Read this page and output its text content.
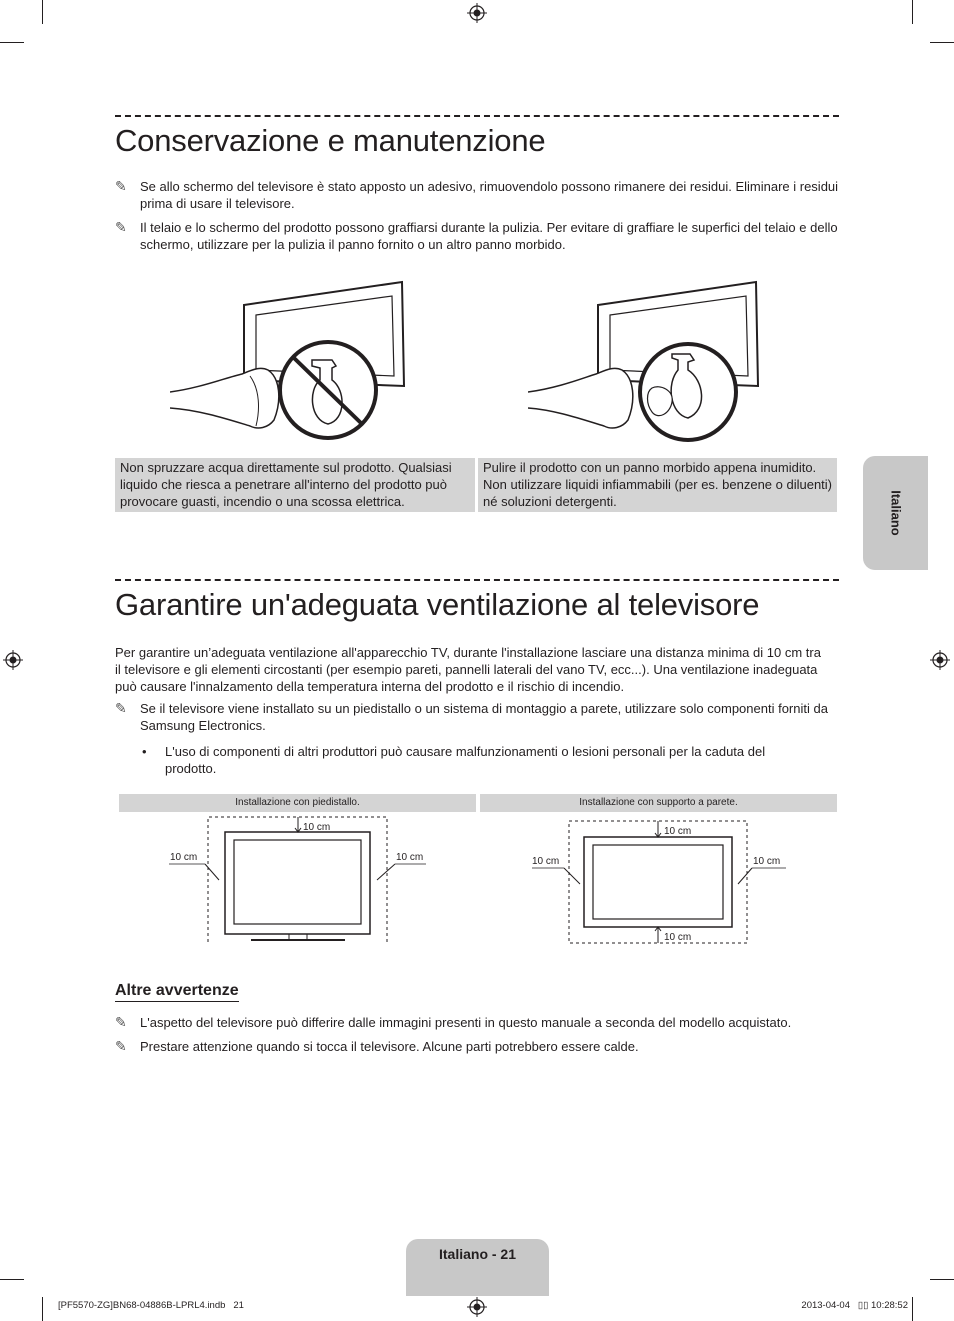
Conservazione e manutenzione
✎ Se allo schermo del televisore è stato apposto un adesivo, rimuovendolo possono rimanere dei residui. Eliminare i residui prima di usare il televisore.
✎ Il telaio e lo schermo del prodotto possono graffiarsi durante la pulizia. Per evitare di graffiare le superfici del telaio e dello schermo, utilizzare per la pulizia il panno fornito o un altro panno morbido.
Non spruzzare acqua direttamente sul prodotto. Qualsiasi liquido che riesca a penetrare all'interno del prodotto può provocare guasti, incendio o una scossa elettrica.
Pulire il prodotto con un panno morbido appena inumidito. Non utilizzare liquidi infiammabili (per es. benzene o diluenti) né soluzioni detergenti.	Italiano
Garantire un'adeguata ventilazione al televisore

Per garantire un’adeguata ventilazione all'apparecchio TV, durante l'installazione lasciare una distanza minima di 10 cm tra il televisore e gli elementi circostanti (per esempio pareti, pannelli laterali del vano TV, ecc...). Una ventilazione inadeguata può causare l'innalzamento della temperatura interna del prodotto e il rischio di incendio.

✎ Se il televisore viene installato su un piedistallo o un sistema di montaggio a parete, utilizzare solo componenti forniti da Samsung Electronics.
• L'uso di componenti di altri produttori può causare malfunzionamenti o lesioni personali per la caduta del prodotto.
Installazione con piedistallo.	Installazione con supporto a parete.
10 cm
10 cm	10 cm
10 cm
10 cm	10 cm
10 cm
Altre avvertenze
✎ L'aspetto del televisore può differire dalle immagini presenti in questo manuale a seconda del modello acquistato.
✎ Prestare attenzione quando si tocca il televisore. Alcune parti potrebbero essere calde.
Italiano - 21
[PF5570-ZG]BN68-04886B-LPRL4.indb   21	2013-04-04   ▯▯ 10:28:52
